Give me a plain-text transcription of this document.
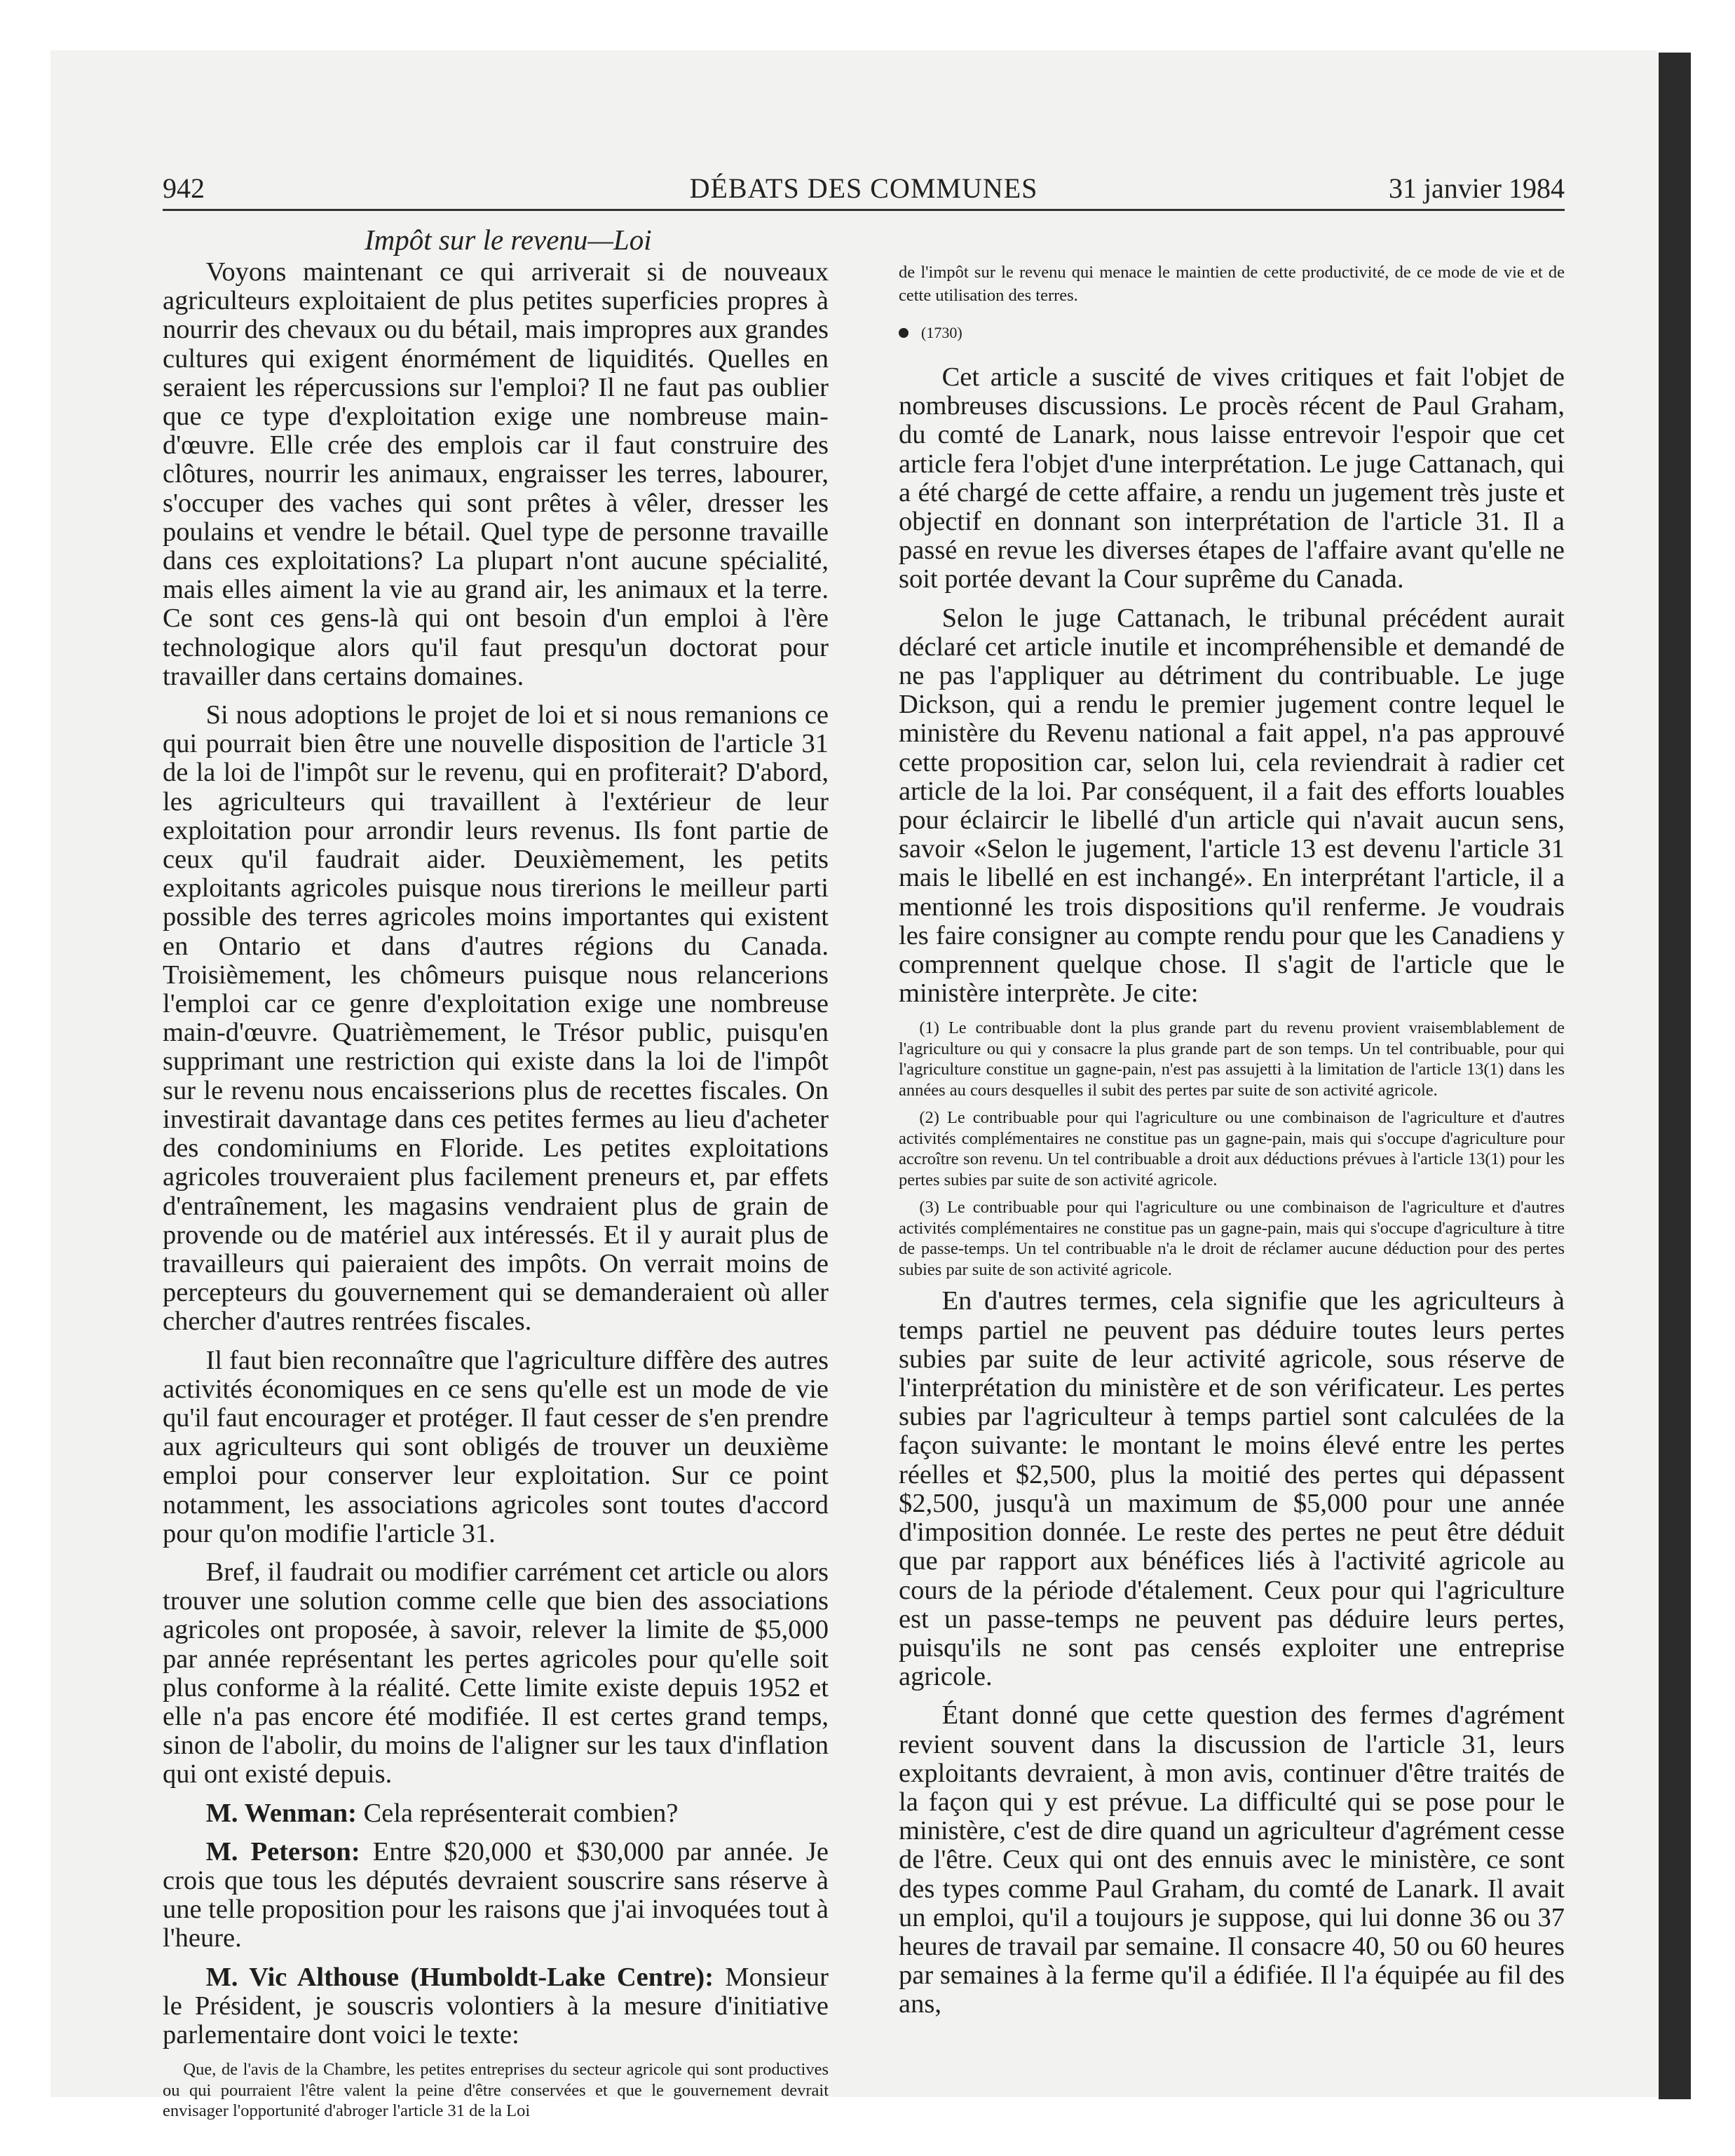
942	DÉBATS DES COMMUNES	31 janvier 1984
Impôt sur le revenu—Loi

Voyons maintenant ce qui arriverait si de nouveaux agriculteurs exploitaient de plus petites superficies propres à nourrir des chevaux ou du bétail, mais impropres aux grandes cultures qui exigent énormément de liquidités. Quelles en seraient les répercussions sur l'emploi? Il ne faut pas oublier que ce type d'exploitation exige une nombreuse main-d'œuvre. Elle crée des emplois car il faut construire des clôtures, nourrir les animaux, engraisser les terres, labourer, s'occuper des vaches qui sont prêtes à vêler, dresser les poulains et vendre le bétail. Quel type de personne travaille dans ces exploitations? La plupart n'ont aucune spécialité, mais elles aiment la vie au grand air, les animaux et la terre. Ce sont ces gens-là qui ont besoin d'un emploi à l'ère technologique alors qu'il faut presqu'un doctorat pour travailler dans certains domaines.

Si nous adoptions le projet de loi et si nous remanions ce qui pourrait bien être une nouvelle disposition de l'article 31 de la loi de l'impôt sur le revenu, qui en profiterait? D'abord, les agriculteurs qui travaillent à l'extérieur de leur exploitation pour arrondir leurs revenus. Ils font partie de ceux qu'il faudrait aider. Deuxièmement, les petits exploitants agricoles puisque nous tirerions le meilleur parti possible des terres agricoles moins importantes qui existent en Ontario et dans d'autres régions du Canada. Troisièmement, les chômeurs puisque nous relancerions l'emploi car ce genre d'exploitation exige une nombreuse main-d'œuvre. Quatrièmement, le Trésor public, puisqu'en supprimant une restriction qui existe dans la loi de l'impôt sur le revenu nous encaisserions plus de recettes fiscales. On investirait davantage dans ces petites fermes au lieu d'acheter des condominiums en Floride. Les petites exploitations agricoles trouveraient plus facilement preneurs et, par effets d'entraînement, les magasins vendraient plus de grain de provende ou de matériel aux intéressés. Et il y aurait plus de travailleurs qui paieraient des impôts. On verrait moins de percepteurs du gouvernement qui se demanderaient où aller chercher d'autres rentrées fiscales.

Il faut bien reconnaître que l'agriculture diffère des autres activités économiques en ce sens qu'elle est un mode de vie qu'il faut encourager et protéger. Il faut cesser de s'en prendre aux agriculteurs qui sont obligés de trouver un deuxième emploi pour conserver leur exploitation. Sur ce point notamment, les associations agricoles sont toutes d'accord pour qu'on modifie l'article 31.

Bref, il faudrait ou modifier carrément cet article ou alors trouver une solution comme celle que bien des associations agricoles ont proposée, à savoir, relever la limite de $5,000 par année représentant les pertes agricoles pour qu'elle soit plus conforme à la réalité. Cette limite existe depuis 1952 et elle n'a pas encore été modifiée. Il est certes grand temps, sinon de l'abolir, du moins de l'aligner sur les taux d'inflation qui ont existé depuis.

M. Wenman: Cela représenterait combien?

M. Peterson: Entre $20,000 et $30,000 par année. Je crois que tous les députés devraient souscrire sans réserve à une telle proposition pour les raisons que j'ai invoquées tout à l'heure.

M. Vic Althouse (Humboldt-Lake Centre): Monsieur le Président, je souscris volontiers à la mesure d'initiative parlementaire dont voici le texte:

Que, de l'avis de la Chambre, les petites entreprises du secteur agricole qui sont productives ou qui pourraient l'être valent la peine d'être conservées et que le gouvernement devrait envisager l'opportunité d'abroger l'article 31 de la Loi

de l'impôt sur le revenu qui menace le maintien de cette productivité, de ce mode de vie et de cette utilisation des terres.

(1730)

Cet article a suscité de vives critiques et fait l'objet de nombreuses discussions. Le procès récent de Paul Graham, du comté de Lanark, nous laisse entrevoir l'espoir que cet article fera l'objet d'une interprétation. Le juge Cattanach, qui a été chargé de cette affaire, a rendu un jugement très juste et objectif en donnant son interprétation de l'article 31. Il a passé en revue les diverses étapes de l'affaire avant qu'elle ne soit portée devant la Cour suprême du Canada.

Selon le juge Cattanach, le tribunal précédent aurait déclaré cet article inutile et incompréhensible et demandé de ne pas l'appliquer au détriment du contribuable. Le juge Dickson, qui a rendu le premier jugement contre lequel le ministère du Revenu national a fait appel, n'a pas approuvé cette proposition car, selon lui, cela reviendrait à radier cet article de la loi. Par conséquent, il a fait des efforts louables pour éclaircir le libellé d'un article qui n'avait aucun sens, savoir «Selon le jugement, l'article 13 est devenu l'article 31 mais le libellé en est inchangé». En interprétant l'article, il a mentionné les trois dispositions qu'il renferme. Je voudrais les faire consigner au compte rendu pour que les Canadiens y comprennent quelque chose. Il s'agit de l'article que le ministère interprète. Je cite:

(1) Le contribuable dont la plus grande part du revenu provient vraisemblablement de l'agriculture ou qui y consacre la plus grande part de son temps. Un tel contribuable, pour qui l'agriculture constitue un gagne-pain, n'est pas assujetti à la limitation de l'article 13(1) dans les années au cours desquelles il subit des pertes par suite de son activité agricole.

(2) Le contribuable pour qui l'agriculture ou une combinaison de l'agriculture et d'autres activités complémentaires ne constitue pas un gagne-pain, mais qui s'occupe d'agriculture pour accroître son revenu. Un tel contribuable a droit aux déductions prévues à l'article 13(1) pour les pertes subies par suite de son activité agricole.

(3) Le contribuable pour qui l'agriculture ou une combinaison de l'agriculture et d'autres activités complémentaires ne constitue pas un gagne-pain, mais qui s'occupe d'agriculture à titre de passe-temps. Un tel contribuable n'a le droit de réclamer aucune déduction pour des pertes subies par suite de son activité agricole.

En d'autres termes, cela signifie que les agriculteurs à temps partiel ne peuvent pas déduire toutes leurs pertes subies par suite de leur activité agricole, sous réserve de l'interprétation du ministère et de son vérificateur. Les pertes subies par l'agriculteur à temps partiel sont calculées de la façon suivante: le montant le moins élevé entre les pertes réelles et $2,500, plus la moitié des pertes qui dépassent $2,500, jusqu'à un maximum de $5,000 pour une année d'imposition donnée. Le reste des pertes ne peut être déduit que par rapport aux bénéfices liés à l'activité agricole au cours de la période d'étalement. Ceux pour qui l'agriculture est un passe-temps ne peuvent pas déduire leurs pertes, puisqu'ils ne sont pas censés exploiter une entreprise agricole.

Étant donné que cette question des fermes d'agrément revient souvent dans la discussion de l'article 31, leurs exploitants devraient, à mon avis, continuer d'être traités de la façon qui y est prévue. La difficulté qui se pose pour le ministère, c'est de dire quand un agriculteur d'agrément cesse de l'être. Ceux qui ont des ennuis avec le ministère, ce sont des types comme Paul Graham, du comté de Lanark. Il avait un emploi, qu'il a toujours je suppose, qui lui donne 36 ou 37 heures de travail par semaine. Il consacre 40, 50 ou 60 heures par semaines à la ferme qu'il a édifiée. Il l'a équipée au fil des ans,
